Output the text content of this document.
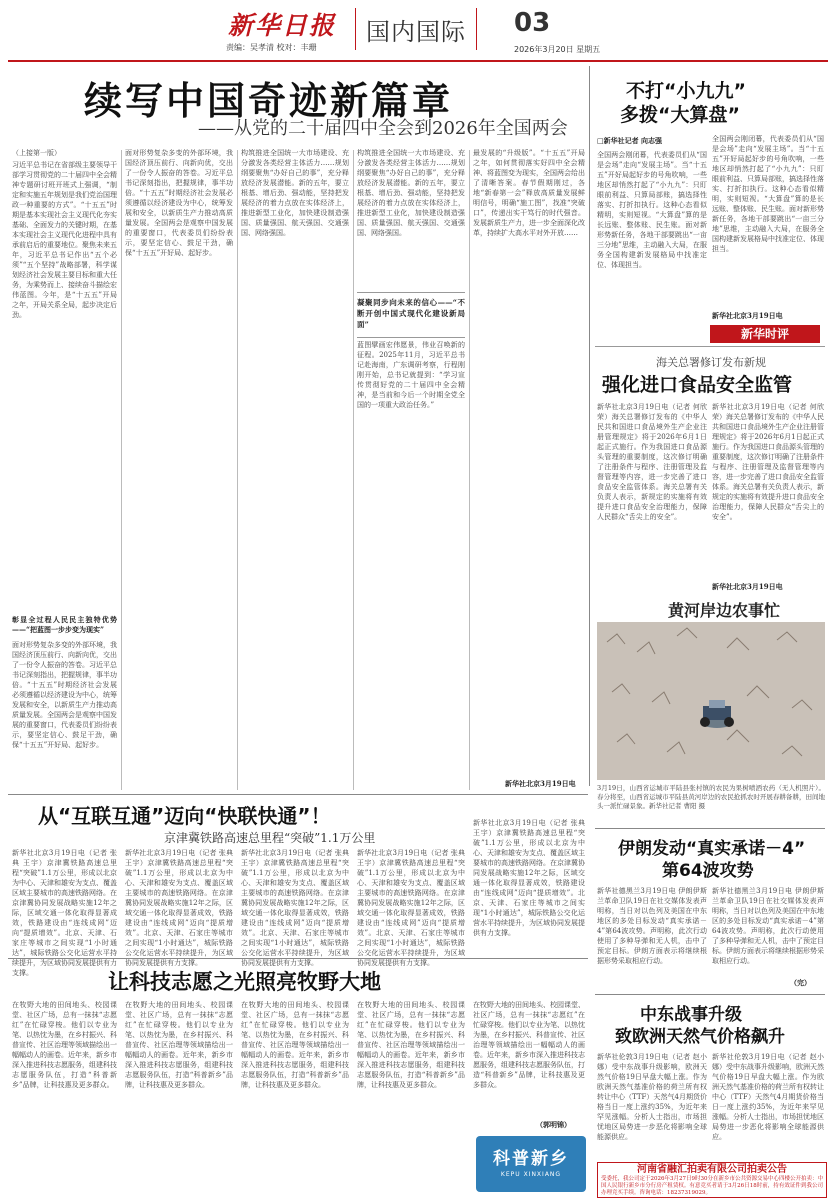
新华日报
责编：吴孝清 校对：丰珊
国内国际 03
2026年3月20日 星期五
续写中国奇迹新篇章
——从党的二十届四中全会到2026年全国两会
（上接第一版）
习近平总书记在省部级主要领导干部学习贯彻党的二十届四中全会精神专题研讨班开班式上强调，“制定和实施五年规划是我们党治国理政一种重要的方式”。“十五五”时期是基本实现社会主义现代化夯实基础、全面发力的关键时期，在基本实现社会主义现代化进程中具有承前启后的重要地位。聚焦未来五年，习近平总书记作出“五个必须”“五个坚持”战略部署，科学谋划经济社会发展主要目标和重大任务，为乘势而上、接续奋斗描绘宏伟蓝图。今年，是“十五五”开局之年，开局关系全局，起步决定后劲。
彰显全过程人民民主独特优势——“把蓝图一步步变为现实”
面对形势复杂多变的外部环境，我国经济顶压前行、向新向优，交出了一份令人振奋的答卷。习近平总书记深刻指出，把握规律，事半功倍。“十五五”时期经济社会发展必须遵循以经济建设为中心，统筹发展和安全，以新质生产力推动高质量发展。全国两会是观察中国发展的重要窗口，代表委员们纷纷表示，要坚定信心、鼓足干劲，确保“十五五”开好局、起好步。
面对形势复杂多变的外部环境，我国经济顶压前行、向新向优，交出了一份令人振奋的答卷。习近平总书记深刻指出，把握规律，事半功倍。“十五五”时期经济社会发展必须遵循以经济建设为中心，统筹发展和安全，以新质生产力推动高质量发展。全国两会是观察中国发展的重要窗口，代表委员们纷纷表示，要坚定信心、鼓足干劲，确保“十五五”开好局、起好步。
构筑推进全国统一大市场建设、充分激发各类经营主体活力……规划纲要聚焦“办好自己的事”，充分释放经济发展潜能。新的五年，要立根基、增后劲、强动能，坚持把发展经济的着力点放在实体经济上，推进新型工业化，加快建设制造强国、质量强国、航天强国、交通强国、网络强国。
构筑推进全国统一大市场建设、充分激发各类经营主体活力……规划纲要聚焦“办好自己的事”，充分释放经济发展潜能。新的五年，要立根基、增后劲、强动能，坚持把发展经济的着力点放在实体经济上，推进新型工业化，加快建设制造强国、质量强国、航天强国、交通强国、网络强国。
凝聚同步向未来的信心——“不断开创中国式现代化建设新局面”
蓝图擘画宏伟愿景，伟业召唤新的征程。2025年11月，习近平总书记赴海南，广东调研考察，行程刚刚开始，总书记就提到：“学习宣传贯彻好党的二十届四中全会精神，是当前和今后一个时期全党全国的一项重大政治任务。”
最发展的“升级版”。“十五五”开局之年，如何贯彻落实好四中全会精神、将蓝图变为现实，全国两会给出了清晰答案。春节假期刚过，各地“新春第一会”释放高质量发展鲜明信号，明确“施工图”，找准“突破口”，传递出实干笃行的时代强音。发展新质生产力，进一步全面深化改革，持续扩大高水平对外开放……
新华社北京3月19日电
不打“小九九”
多拨“大算盘”
□新华社记者 向志强
全国两会刚闭幕，代表委员们从“国是会场”走向“发展主场”。当“十五五”开好局起好步的号角吹响，一些地区却悄然打起了“小九九”：只盯眼前利益、只算局部账，搞选择性落实、打折扣执行。这种心态看似精明，实则短视。“大算盘”算的是长远账、整体账、民生账。面对新形势新任务，各地干部要跳出“一亩三分地”思维，主动融入大局，在服务全国构建新发展格局中找准定位、体现担当。
全国两会刚闭幕，代表委员们从“国是会场”走向“发展主场”。当“十五五”开好局起好步的号角吹响，一些地区却悄然打起了“小九九”：只盯眼前利益、只算局部账，搞选择性落实、打折扣执行。这种心态看似精明，实则短视。“大算盘”算的是长远账、整体账、民生账。面对新形势新任务，各地干部要跳出“一亩三分地”思维，主动融入大局，在服务全国构建新发展格局中找准定位、体现担当。
新华社北京3月19日电
新华时评
海关总署修订发布新规
强化进口食品安全监管
新华社北京3月19日电（记者 何欣荣）海关总署修订发布的《中华人民共和国进口食品境外生产企业注册管理规定》将于2026年6月1日起正式施行。作为我国进口食品源头管理的重要制度，这次修订明确了注册条件与程序、注册管理及监督管理等内容，进一步完善了进口食品安全监管体系。海关总署有关负责人表示，新规定的实施将有效提升进口食品安全治理能力，保障人民群众“舌尖上的安全”。
新华社北京3月19日电（记者 何欣荣）海关总署修订发布的《中华人民共和国进口食品境外生产企业注册管理规定》将于2026年6月1日起正式施行。作为我国进口食品源头管理的重要制度，这次修订明确了注册条件与程序、注册管理及监督管理等内容，进一步完善了进口食品安全监管体系。海关总署有关负责人表示，新规定的实施将有效提升进口食品安全治理能力，保障人民群众“舌尖上的安全”。
新华社北京3月19日电
黄河岸边农事忙
3月19日，山西省运城市平陆县张村镇的农民为果树喷洒农药（无人机照片）。春分将至，山西省运城市平陆县黄河岸边的农民抢抓农时开展春耕备耕，田间地头一派忙碌景象。新华社记者 曹阳 摄
从“互联互通”迈向“快联快通”！
京津冀铁路高速总里程“突破”1.1万公里
新华社北京3月19日电（记者 张典 王宇）京津冀铁路高速总里程“突破”1.1万公里，形成以北京为中心、天津和雄安为支点、覆盖区域主要城市的高速铁路网络。在京津冀协同发展战略实施12年之际，区域交通一体化取得显著成效，铁路建设由“连线成网”迈向“提质增效”。北京、天津、石家庄等城市之间实现“1小时通达”，城际铁路公交化运营水平持续提升，为区域协同发展提供有力支撑。
新华社北京3月19日电（记者 张典 王宇）京津冀铁路高速总里程“突破”1.1万公里，形成以北京为中心、天津和雄安为支点、覆盖区域主要城市的高速铁路网络。在京津冀协同发展战略实施12年之际，区域交通一体化取得显著成效，铁路建设由“连线成网”迈向“提质增效”。北京、天津、石家庄等城市之间实现“1小时通达”，城际铁路公交化运营水平持续提升，为区域协同发展提供有力支撑。
新华社北京3月19日电（记者 张典 王宇）京津冀铁路高速总里程“突破”1.1万公里，形成以北京为中心、天津和雄安为支点、覆盖区域主要城市的高速铁路网络。在京津冀协同发展战略实施12年之际，区域交通一体化取得显著成效，铁路建设由“连线成网”迈向“提质增效”。北京、天津、石家庄等城市之间实现“1小时通达”，城际铁路公交化运营水平持续提升，为区域协同发展提供有力支撑。
新华社北京3月19日电（记者 张典 王宇）京津冀铁路高速总里程“突破”1.1万公里，形成以北京为中心、天津和雄安为支点、覆盖区域主要城市的高速铁路网络。在京津冀协同发展战略实施12年之际，区域交通一体化取得显著成效，铁路建设由“连线成网”迈向“提质增效”。北京、天津、石家庄等城市之间实现“1小时通达”，城际铁路公交化运营水平持续提升，为区域协同发展提供有力支撑。
新华社北京3月19日电（记者 张典 王宇）京津冀铁路高速总里程“突破”1.1万公里，形成以北京为中心、天津和雄安为支点、覆盖区域主要城市的高速铁路网络。在京津冀协同发展战略实施12年之际，区域交通一体化取得显著成效，铁路建设由“连线成网”迈向“提质增效”。北京、天津、石家庄等城市之间实现“1小时通达”，城际铁路公交化运营水平持续提升，为区域协同发展提供有力支撑。
伊朗发动“真实承诺－4”
第64波攻势
新华社德黑兰3月19日电 伊朗伊斯兰革命卫队19日在社交媒体发表声明称，当日对以色列及美国在中东地区的多处目标发动“真实承诺－4”第64波攻势。声明称，此次行动使用了多种导弹和无人机，击中了预定目标。伊朗方面表示将继续根据形势采取相应行动。
新华社德黑兰3月19日电 伊朗伊斯兰革命卫队19日在社交媒体发表声明称，当日对以色列及美国在中东地区的多处目标发动“真实承诺－4”第64波攻势。声明称，此次行动使用了多种导弹和无人机，击中了预定目标。伊朗方面表示将继续根据形势采取相应行动。
（完）
让科技志愿之光照亮牧野大地
在牧野大地的田间地头、校园课堂、社区广场，总有一抹抹“志愿红”在忙碌穿梭。他们以专业为笔、以热忱为墨，在乡村振兴、科普宣传、社区治理等领域描绘出一幅幅动人的画卷。近年来，新乡市深入推进科技志愿服务，组建科技志愿服务队伍，打造“科普新乡”品牌，让科技惠及更多群众。
在牧野大地的田间地头、校园课堂、社区广场，总有一抹抹“志愿红”在忙碌穿梭。他们以专业为笔、以热忱为墨，在乡村振兴、科普宣传、社区治理等领域描绘出一幅幅动人的画卷。近年来，新乡市深入推进科技志愿服务，组建科技志愿服务队伍，打造“科普新乡”品牌，让科技惠及更多群众。
在牧野大地的田间地头、校园课堂、社区广场，总有一抹抹“志愿红”在忙碌穿梭。他们以专业为笔、以热忱为墨，在乡村振兴、科普宣传、社区治理等领域描绘出一幅幅动人的画卷。近年来，新乡市深入推进科技志愿服务，组建科技志愿服务队伍，打造“科普新乡”品牌，让科技惠及更多群众。
在牧野大地的田间地头、校园课堂、社区广场，总有一抹抹“志愿红”在忙碌穿梭。他们以专业为笔、以热忱为墨，在乡村振兴、科普宣传、社区治理等领域描绘出一幅幅动人的画卷。近年来，新乡市深入推进科技志愿服务，组建科技志愿服务队伍，打造“科普新乡”品牌，让科技惠及更多群众。
在牧野大地的田间地头、校园课堂、社区广场，总有一抹抹“志愿红”在忙碌穿梭。他们以专业为笔、以热忱为墨，在乡村振兴、科普宣传、社区治理等领域描绘出一幅幅动人的画卷。近年来，新乡市深入推进科技志愿服务，组建科技志愿服务队伍，打造“科普新乡”品牌，让科技惠及更多群众。
（郭明锦）
科普新乡
KEPU XINXIANG
中东战事升级
致欧洲天然气价格飙升
新华社伦敦3月19日电（记者 赵小娜）受中东战事升级影响，欧洲天然气价格19日早盘大幅上涨。作为欧洲天然气基准价格的荷兰所有权转让中心（TTF）天然气4月期货价格当日一度上涨约35%，为近年来罕见涨幅。分析人士指出，市场担忧地区局势进一步恶化将影响全球能源供应。
新华社伦敦3月19日电（记者 赵小娜）受中东战事升级影响，欧洲天然气价格19日早盘大幅上涨。作为欧洲天然气基准价格的荷兰所有权转让中心（TTF）天然气4月期货价格当日一度上涨约35%，为近年来罕见涨幅。分析人士指出，市场担忧地区局势进一步恶化将影响全球能源供应。
河南省融汇拍卖有限公司拍卖公告
受委托，我公司定于2026年3月27日9时30分在新乡市公共资源交易中心四楼公开拍卖：中国人民银行新乡市分行房产租赁权。有意竞买者请于3月26日18时前，持有效证件到我公司办理竞买手续。咨询电话：18237319029。
